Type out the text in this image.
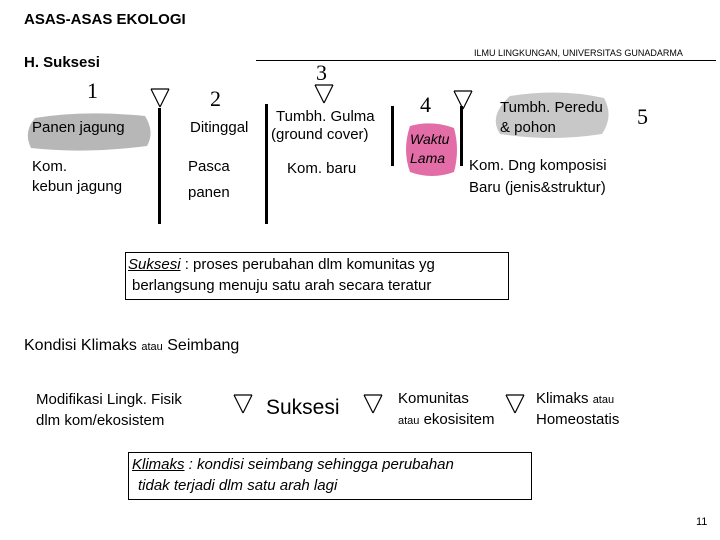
ASAS-ASAS EKOLOGI
H. Suksesi
ILMU LINGKUNGAN, UNIVERSITAS GUNADARMA
1	2
3
4	5
Panen jagung
Kom.
kebun jagung
Ditinggal
Pasca
panen
Tumbh. Gulma
(ground cover)
Kom. baru
Waktu
Lama
Tumbh. Peredu
& pohon
Kom. Dng komposisi
Baru (jenis&struktur)
Suksesi : proses perubahan dlm komunitas yg
berlangsung menuju satu arah secara teratur
Kondisi Klimaks atau Seimbang
Modifikasi Lingk. Fisik
dlm kom/ekosistem
Suksesi	Komunitas
atau ekosisitem
Klimaks atau
Homeostatis
Klimaks : kondisi seimbang sehingga perubahan
tidak terjadi dlm satu arah lagi
11
